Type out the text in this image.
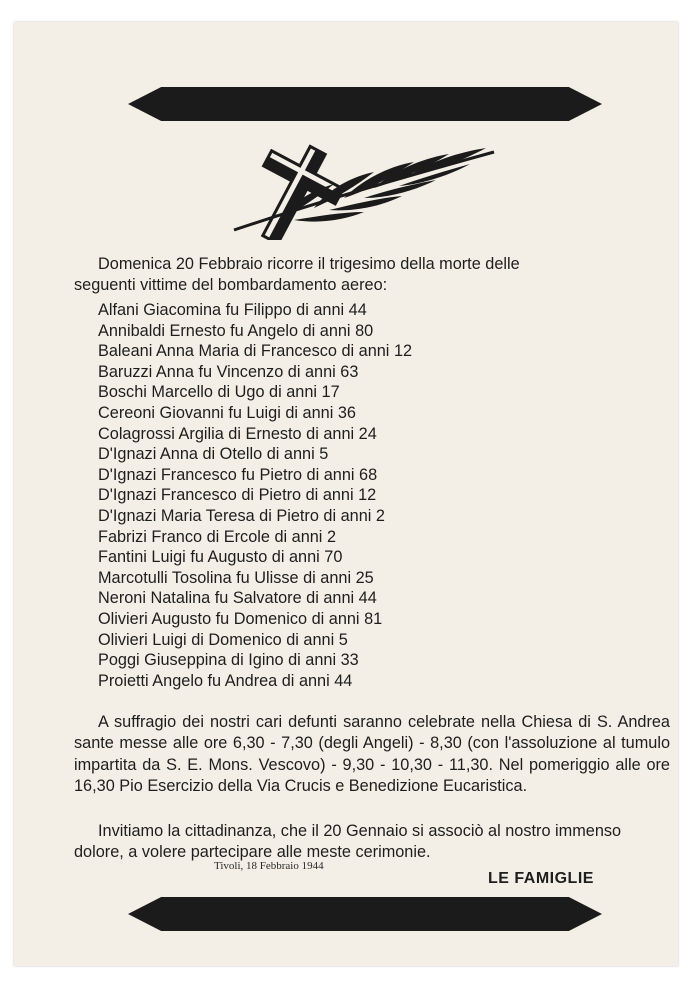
Domenica 20 Febbraio ricorre il trigesimo della morte delle
seguenti vittime del bombardamento aereo:
Alfani Giacomina fu Filippo di anni 44
Annibaldi Ernesto fu Angelo di anni 80
Baleani Anna Maria di Francesco di anni 12
Baruzzi Anna fu Vincenzo di anni 63
Boschi Marcello di Ugo di anni 17
Cereoni Giovanni fu Luigi di anni 36
Colagrossi Argilia di Ernesto di anni 24
D'Ignazi Anna di Otello di anni 5
D'Ignazi Francesco fu Pietro di anni 68
D'Ignazi Francesco di Pietro di anni 12
D'Ignazi Maria Teresa di Pietro di anni 2
Fabrizi Franco di Ercole di anni 2
Fantini Luigi fu Augusto di anni 70
Marcotulli Tosolina fu Ulisse di anni 25
Neroni Natalina fu Salvatore di anni 44
Olivieri Augusto fu Domenico di anni 81
Olivieri Luigi di Domenico di anni 5
Poggi Giuseppina di Igino di anni 33
Proietti Angelo fu Andrea di anni 44
A suffragio dei nostri cari defunti saranno celebrate nella Chiesa di S. Andrea sante messe alle ore 6,30 - 7,30 (degli Angeli) - 8,30 (con l'assoluzione al tumulo impartita da S. E. Mons. Vescovo) - 9,30 - 10,30 - 11,30. Nel pomeriggio alle ore 16,30 Pio Esercizio della Via Crucis e Benedizione Eucaristica.
Invitiamo la cittadinanza, che il 20 Gennaio si associò al nostro immenso dolore, a volere partecipare alle meste cerimonie.
Tivoli, 18 Febbraio 1944
LE FAMIGLIE
